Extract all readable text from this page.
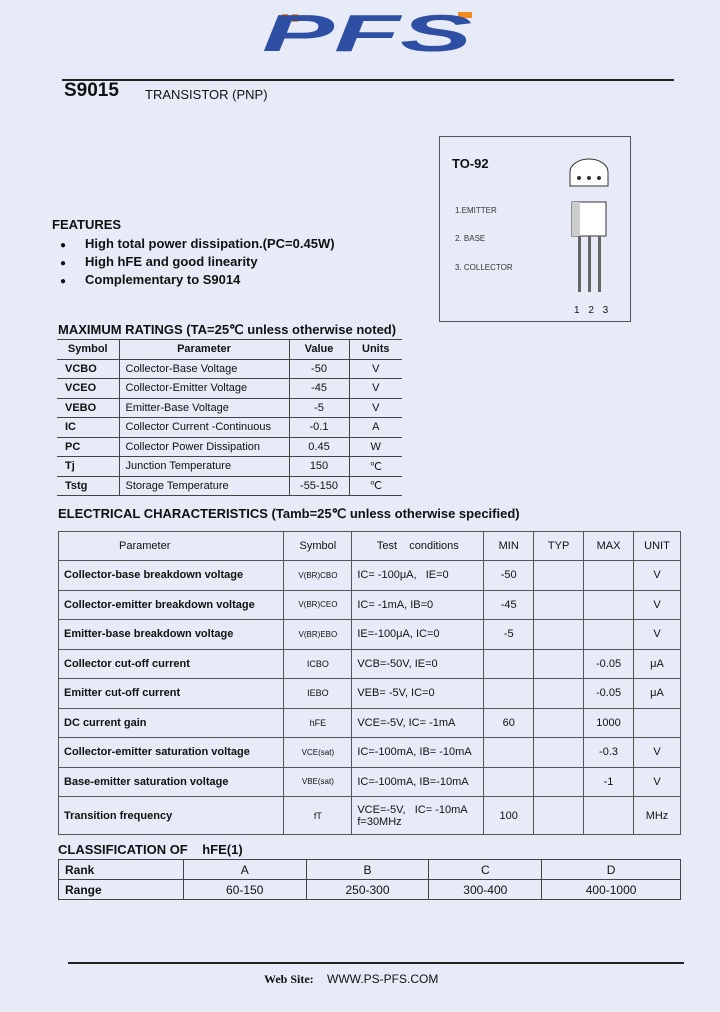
PFS
S9015 TRANSISTOR (PNP)
TO-92
1.EMITTER
2. BASE
3. COLLECTOR
1 2 3
FEATURES
● High total power dissipation.(PC=0.45W)
● High hFE and good linearity
● Complementary to S9014
MAXIMUM RATINGS (TA=25℃ unless otherwise noted)
Symbol	Parameter	Value	Units
VCBO	Collector-Base Voltage	-50	V
VCEO	Collector-Emitter Voltage	-45	V
VEBO	Emitter-Base Voltage	-5	V
IC	Collector Current -Continuous	-0.1	A
PC	Collector Power Dissipation	0.45	W
Tj	Junction Temperature	150	℃
Tstg	Storage Temperature	-55-150	℃
ELECTRICAL CHARACTERISTICS (Tamb=25℃ unless otherwise specified)
Parameter	Symbol	Test    conditions	MIN	TYP	MAX	UNIT
Collector-base breakdown voltage	V(BR)CBO	IC= -100μA,   IE=0	-50			V
Collector-emitter breakdown voltage	V(BR)CEO	IC= -1mA, IB=0	-45			V
Emitter-base breakdown voltage	V(BR)EBO	IE=-100μA, IC=0	-5			V
Collector cut-off current	ICBO	VCB=-50V, IE=0			-0.05	μA
Emitter cut-off current	IEBO	VEB= -5V, IC=0			-0.05	μA
DC current gain	hFE	VCE=-5V, IC= -1mA	60		1000	
Collector-emitter saturation voltage	VCE(sat)	IC=-100mA, IB= -10mA			-0.3	V
Base-emitter saturation voltage	VBE(sat)	IC=-100mA, IB=-10mA			-1	V
Transition frequency	fT	VCE=-5V,   IC= -10mA
f=30MHz	100			MHz
CLASSIFICATION OF hFE(1)
Rank	A	B	C	D
Range	60-150	250-300	300-400	400-1000
Web Site: WWW.PS-PFS.COM
